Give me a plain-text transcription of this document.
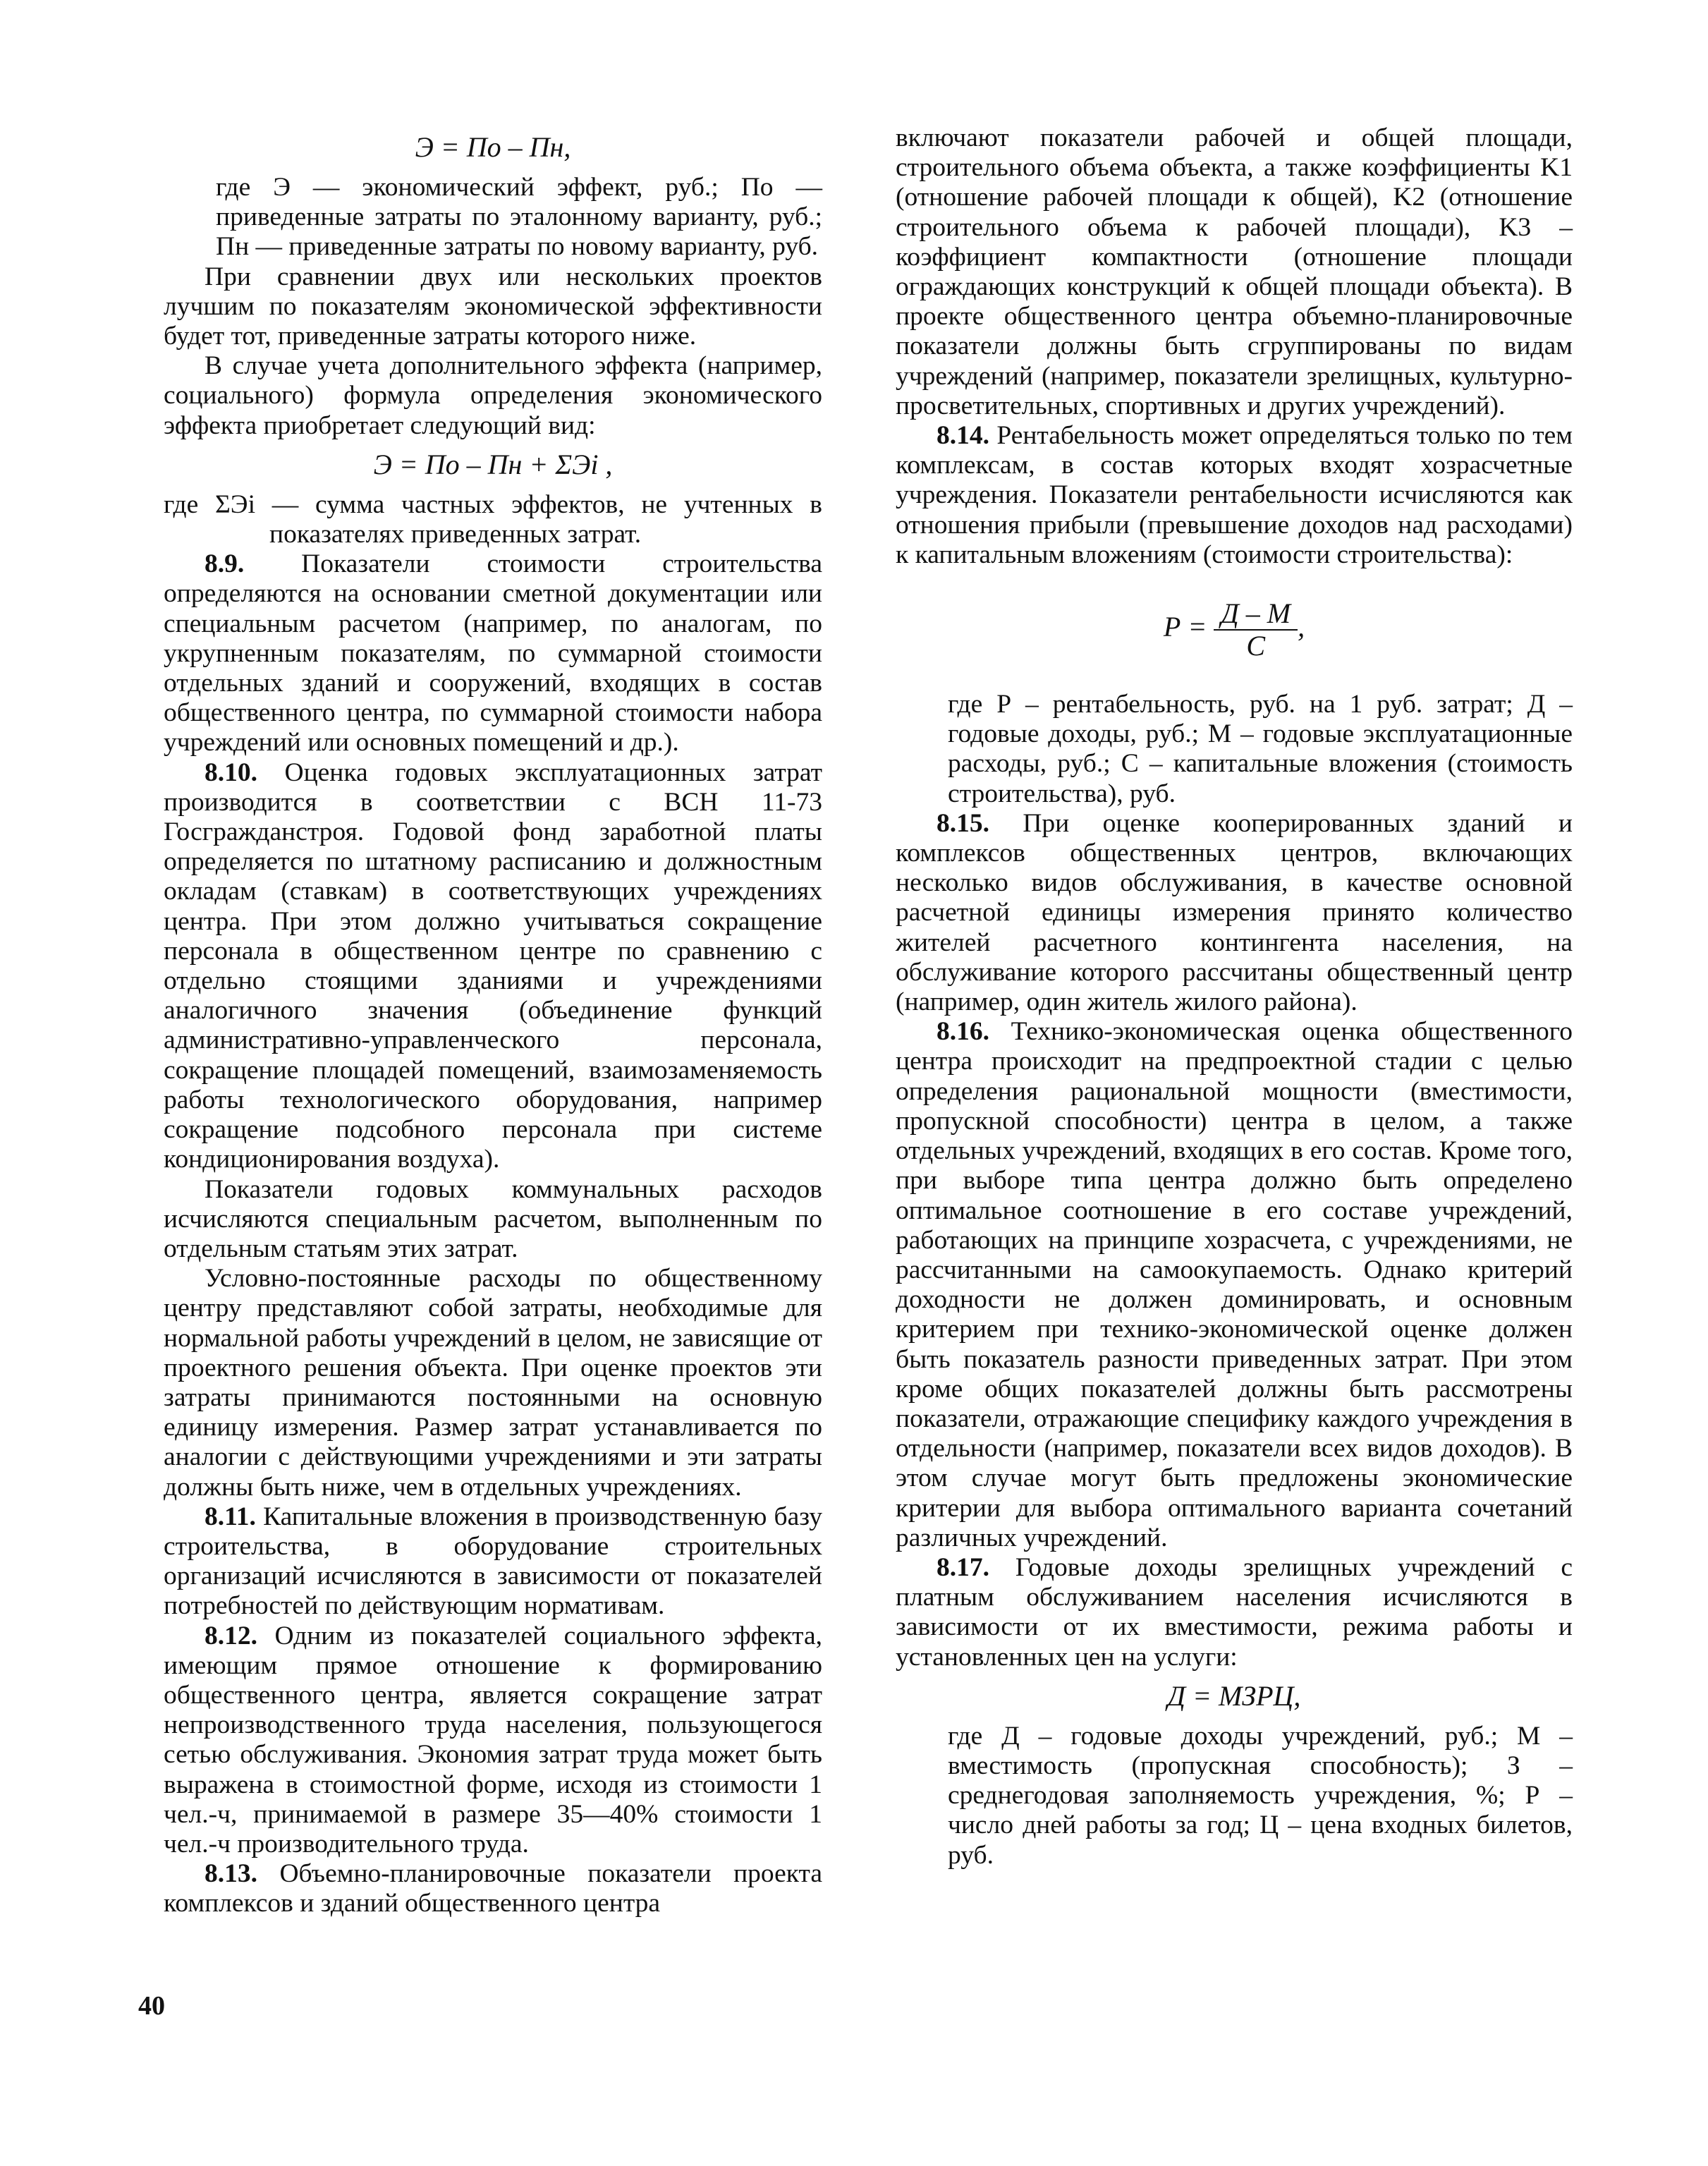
Э = По – Пн,

где Э — экономический эффект, руб.; По — приведенные затраты по эталонному варианту, руб.; Пн — приведенные затраты по новому варианту, руб.

При сравнении двух или нескольких проектов лучшим по показателям экономической эффективности будет тот, приведенные затраты которого ниже.

В случае учета дополнительного эффекта (например, социального) формула определения экономического эффекта приобретает следующий вид:

Э = По – Пн + ΣЭi ,

где ΣЭi — сумма частных эффектов, не учтенных в показателях приведенных затрат.

8.9. Показатели стоимости строительства определяются на основании сметной документации или специальным расчетом (например, по аналогам, по укрупненным показателям, по суммарной стоимости отдельных зданий и сооружений, входящих в состав общественного центра, по суммарной стоимости набора учреждений или основных помещений и др.).

8.10. Оценка годовых эксплуатационных затрат производится в соответствии с ВСН 11-73 Госгражданстроя. Годовой фонд заработной платы определяется по штатному расписанию и должностным окладам (ставкам) в соответствующих учреждениях центра. При этом должно учитываться сокращение персонала в общественном центре по сравнению с отдельно стоящими зданиями и учреждениями аналогичного значения (объединение функций административно-управленческого персонала, сокращение площадей помещений, взаимозаменяемость работы технологического оборудования, например сокращение подсобного персонала при системе кондиционирования воздуха).

Показатели годовых коммунальных расходов исчисляются специальным расчетом, выполненным по отдельным статьям этих затрат.

Условно-постоянные расходы по общественному центру представляют собой затраты, необходимые для нормальной работы учреждений в целом, не зависящие от проектного решения объекта. При оценке проектов эти затраты принимаются постоянными на основную единицу измерения. Размер затрат устанавливается по аналогии с действующими учреждениями и эти затраты должны быть ниже, чем в отдельных учреждениях.

8.11. Капитальные вложения в производственную базу строительства, в оборудование строительных организаций исчисляются в зависимости от показателей потребностей по действующим нормативам.

8.12. Одним из показателей социального эффекта, имеющим прямое отношение к формированию общественного центра, является сокращение затрат непроизводственного труда населения, пользующегося сетью обслуживания. Экономия затрат труда может быть выражена в стоимостной форме, исходя из стоимости 1 чел.-ч, принимаемой в размере 35—40% стоимости 1 чел.-ч производительного труда.

8.13. Объемно-планировочные показатели проекта комплексов и зданий общественного центра

включают показатели рабочей и общей площади, строительного объема объекта, а также коэффициенты K1 (отношение рабочей площади к общей), K2 (отношение строительного объема к рабочей площади), K3 – коэффициент компактности (отношение площади ограждающих конструкций к общей площади объекта). В проекте общественного центра объемно-планировочные показатели должны быть сгруппированы по видам учреждений (например, показатели зрелищных, культурно-просветительных, спортивных и других учреждений).

8.14. Рентабельность может определяться только по тем комплексам, в состав которых входят хозрасчетные учреждения. Показатели рентабельности исчисляются как отношения прибыли (превышение доходов над расходами) к капитальным вложениям (стоимости строительства):

$Р = \frac{Д - М}{С}$ ,

где Р – рентабельность, руб. на 1 руб. затрат; Д – годовые доходы, руб.; М – годовые эксплуатационные расходы, руб.; С – капитальные вложения (стоимость строительства), руб.

8.15. При оценке кооперированных зданий и комплексов общественных центров, включающих несколько видов обслуживания, в качестве основной расчетной единицы измерения принято количество жителей расчетного контингента населения, на обслуживание которого рассчитаны общественный центр (например, один житель жилого района).

8.16. Технико-экономическая оценка общественного центра происходит на предпроектной стадии с целью определения рациональной мощности (вместимости, пропускной способности) центра в целом, а также отдельных учреждений, входящих в его состав. Кроме того, при выборе типа центра должно быть определено оптимальное соотношение в его составе учреждений, работающих на принципе хозрасчета, с учреждениями, не рассчитанными на самоокупаемость. Однако критерий доходности не должен доминировать, и основным критерием при технико-экономической оценке должен быть показатель разности приведенных затрат. При этом кроме общих показателей должны быть рассмотрены показатели, отражающие специфику каждого учреждения в отдельности (например, показатели всех видов доходов). В этом случае могут быть предложены экономические критерии для выбора оптимального варианта сочетаний различных учреждений.

8.17. Годовые доходы зрелищных учреждений с платным обслуживанием населения исчисляются в зависимости от их вместимости, режима работы и установленных цен на услуги:

Д = МЗРЦ,

где Д – годовые доходы учреждений, руб.; М – вместимость (пропускная способность); З – среднегодовая заполняемость учреждения, %; Р – число дней работы за год; Ц – цена входных билетов, руб.

40
